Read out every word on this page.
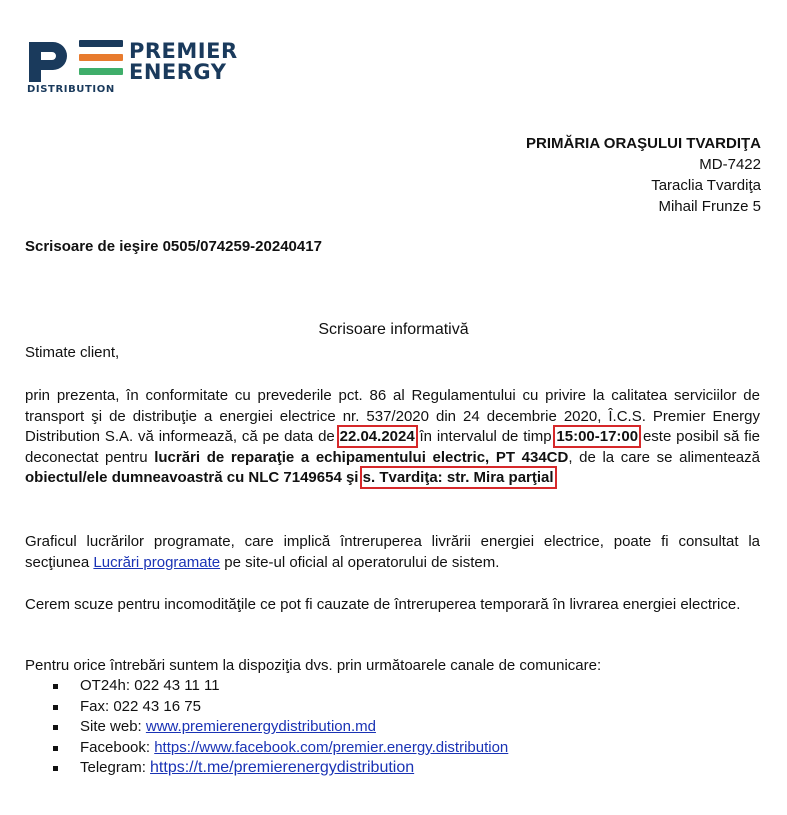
PREMIER
ENERGY
DISTRIBUTION
PRIMĂRIA ORAŞULUI TVARDIŢA
MD-7422
Taraclia Tvardiţa
Mihail Frunze 5
Scrisoare de ieşire 0505/074259-20240417
Scrisoare informativă
Stimate client,
prin prezenta, în conformitate cu prevederile pct. 86 al Regulamentului cu privire la calitatea serviciilor de transport şi de distribuţie a energiei electrice nr. 537/2020 din 24 decembrie 2020, Î.C.S. Premier Energy Distribution S.A. vă informează, că pe data de 22.04.2024 în intervalul de timp 15:00-17:00 este posibil să fie deconectat pentru lucrări de reparaţie a echipamentului electric, PT 434CD, de la care se alimentează obiectul/ele dumneavoastră cu NLC 7149654 şi s. Tvardiţa: str. Mira parţial
Graficul lucrărilor programate, care implică întreruperea livrării energiei electrice, poate fi consultat la secţiunea Lucrări programate pe site-ul oficial al operatorului de sistem.
Cerem scuze pentru incomodităţile ce pot fi cauzate de întreruperea temporară în livrarea energiei electrice.
Pentru orice întrebări suntem la dispoziţia dvs. prin următoarele canale de comunicare:
OT24h: 022 43 11 11
Fax: 022 43 16 75
Site web: www.premierenergydistribution.md
Facebook: https://www.facebook.com/premier.energy.distribution
Telegram: https://t.me/premierenergydistribution
